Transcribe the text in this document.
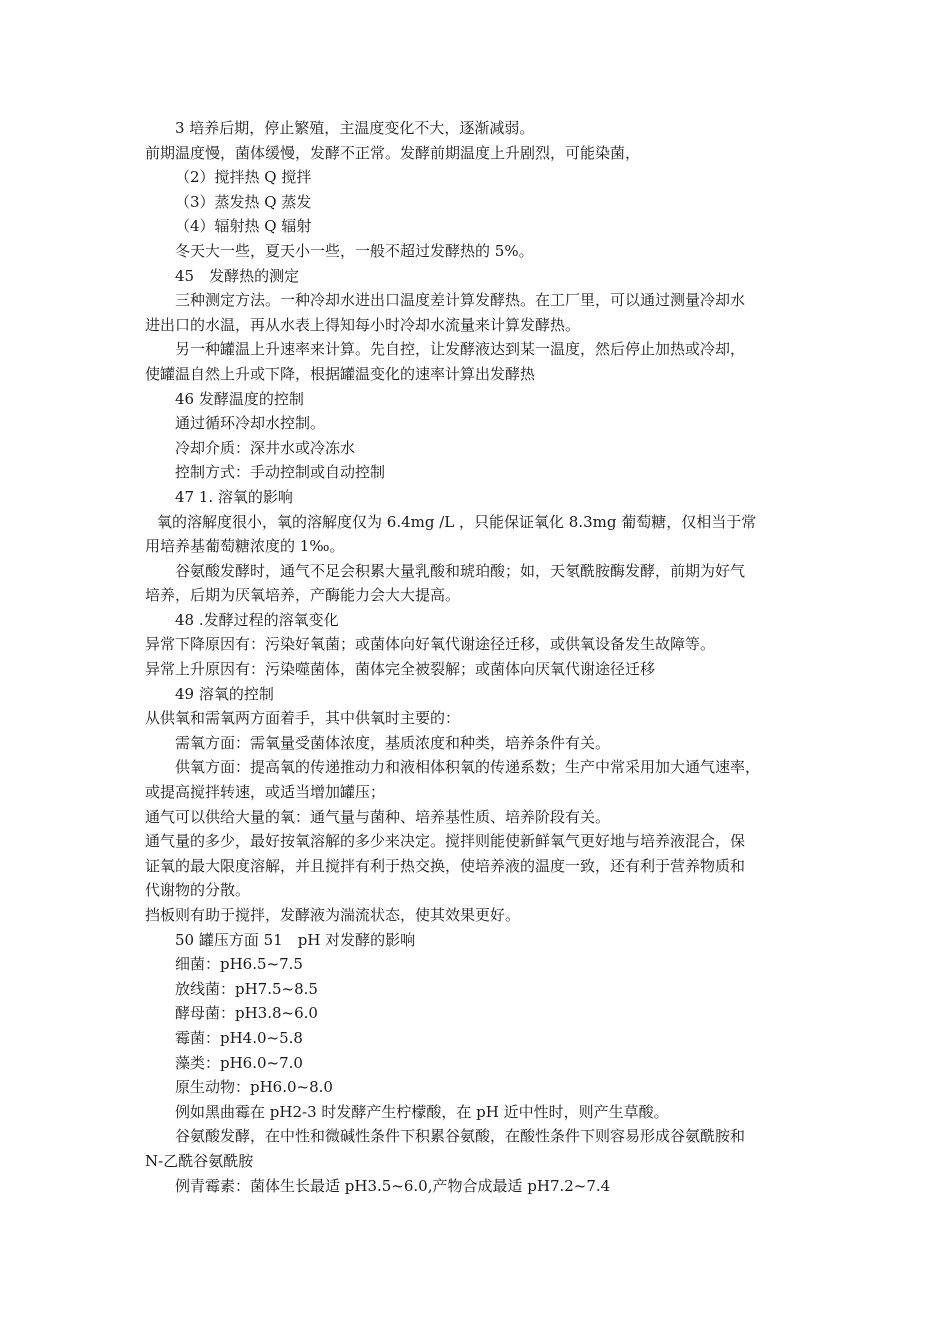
3 培养后期，停止繁殖，主温度变化不大，逐渐减弱。
前期温度慢，菌体缓慢，发酵不正常。发酵前期温度上升剧烈，可能染菌，
（2）搅拌热 Q 搅拌
（3）蒸发热 Q 蒸发
（4）辐射热 Q 辐射
冬天大一些，夏天小一些，一般不超过发酵热的 5%。
45　发酵热的测定
三种测定方法。一种冷却水进出口温度差计算发酵热。在工厂里，可以通过测量冷却水
进出口的水温，再从水表上得知每小时冷却水流量来计算发酵热。
另一种罐温上升速率来计算。先自控，让发酵液达到某一温度，然后停止加热或冷却，
使罐温自然上升或下降，根据罐温变化的速率计算出发酵热
46 发酵温度的控制
通过循环冷却水控制。
冷却介质：深井水或冷冻水
控制方式：手动控制或自动控制
47 1. 溶氧的影响
氧的溶解度很小，氧的溶解度仅为 6.4mg /L ，只能保证氧化 8.3mg 葡萄糖，仅相当于常
用培养基葡萄糖浓度的 1‰。
谷氨酸发酵时，通气不足会积累大量乳酸和琥珀酸；如，天氡酰胺酶发酵，前期为好气
培养，后期为厌氧培养，产酶能力会大大提高。
48 .发酵过程的溶氧变化
异常下降原因有：污染好氧菌；或菌体向好氧代谢途径迁移，或供氧设备发生故障等。
异常上升原因有：污染噬菌体，菌体完全被裂解；或菌体向厌氧代谢途径迁移
49 溶氧的控制
从供氧和需氧两方面着手，其中供氧时主要的：
需氧方面：需氧量受菌体浓度，基质浓度和种类，培养条件有关。
供氧方面：提高氧的传递推动力和液相体积氧的传递系数；生产中常采用加大通气速率，
或提高搅拌转速，或适当增加罐压；
通气可以供给大量的氧：通气量与菌种、培养基性质、培养阶段有关。
通气量的多少，最好按氧溶解的多少来决定。搅拌则能使新鲜氧气更好地与培养液混合，保
证氧的最大限度溶解，并且搅拌有利于热交换，使培养液的温度一致，还有利于营养物质和
代谢物的分散。
挡板则有助于搅拌，发酵液为湍流状态，使其效果更好。
50 罐压方面 51　pH 对发酵的影响
细菌：pH6.5~7.5
放线菌：pH7.5~8.5
酵母菌：pH3.8~6.0
霉菌：pH4.0~5.8
藻类：pH6.0~7.0
原生动物：pH6.0~8.0
例如黑曲霉在 pH2-3 时发酵产生柠檬酸，在 pH 近中性时，则产生草酸。
谷氨酸发酵，在中性和微碱性条件下积累谷氨酸，在酸性条件下则容易形成谷氨酰胺和
N-乙酰谷氨酰胺
例青霉素：菌体生长最适 pH3.5~6.0,产物合成最适 pH7.2~7.4
